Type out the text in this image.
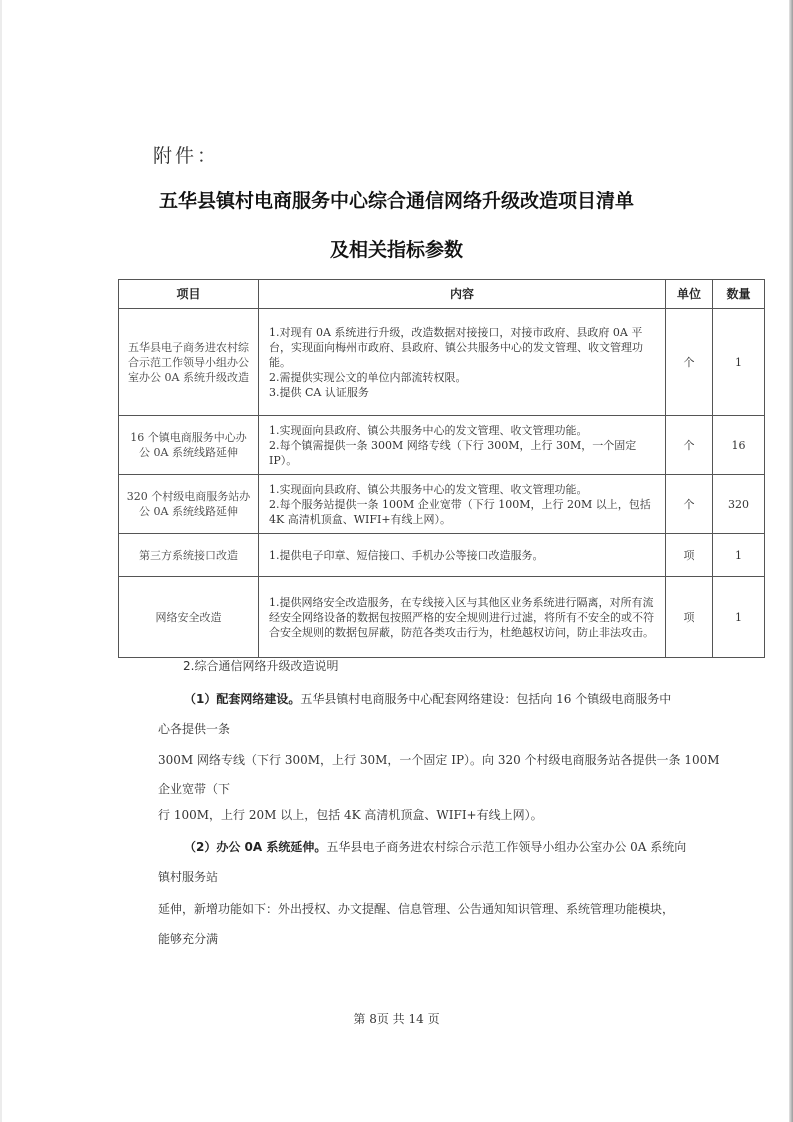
附件：
五华县镇村电商服务中心综合通信网络升级改造项目清单
及相关指标参数
项目	内容	单位	数量
五华县电子商务进农村综合示范工作领导小组办公室办公 0A 系统升级改造	1.对现有 0A 系统进行升级，改造数据对接接口，对接市政府、县政府 0A 平台，实现面向梅州市政府、县政府、镇公共服务中心的发文管理、收文管理功能。
2.需提供实现公文的单位内部流转权限。
3.提供 CA 认证服务	个	1
16 个镇电商服务中心办公 0A 系统线路延伸	1.实现面向县政府、镇公共服务中心的发文管理、收文管理功能。
2.每个镇需提供一条 300M 网络专线（下行 300M，上行 30M，一个固定 IP）。	个	16
320 个村级电商服务站办公 0A 系统线路延伸	1.实现面向县政府、镇公共服务中心的发文管理、收文管理功能。
2.每个服务站提供一条 100M 企业宽带（下行 100M，上行 20M 以上，包括 4K 高清机顶盒、WIFI+有线上网）。	个	320
第三方系统接口改造	1.提供电子印章、短信接口、手机办公等接口改造服务。	项	1
网络安全改造	1.提供网络安全改造服务，在专线接入区与其他区业务系统进行隔离，对所有流经安全网络设备的数据包按照严格的安全规则进行过滤，将所有不安全的或不符合安全规则的数据包屏蔽，防范各类攻击行为，杜绝越权访问，防止非法攻击。	项	1
2.综合通信网络升级改造说明
（1）配套网络建设。五华县镇村电商服务中心配套网络建设：包括向 16 个镇级电商服务中
心各提供一条
300M 网络专线（下行 300M，上行 30M，一个固定 IP）。向 320 个村级电商服务站各提供一条 100M
企业宽带（下
行 100M，上行 20M 以上，包括 4K 高清机顶盒、WIFI+有线上网）。
（2）办公 0A 系统延伸。五华县电子商务进农村综合示范工作领导小组办公室办公 0A 系统向
镇村服务站
延伸，新增功能如下：外出授权、办文提醒、信息管理、公告通知知识管理、系统管理功能模块，
能够充分满
第 8页 共 14 页
